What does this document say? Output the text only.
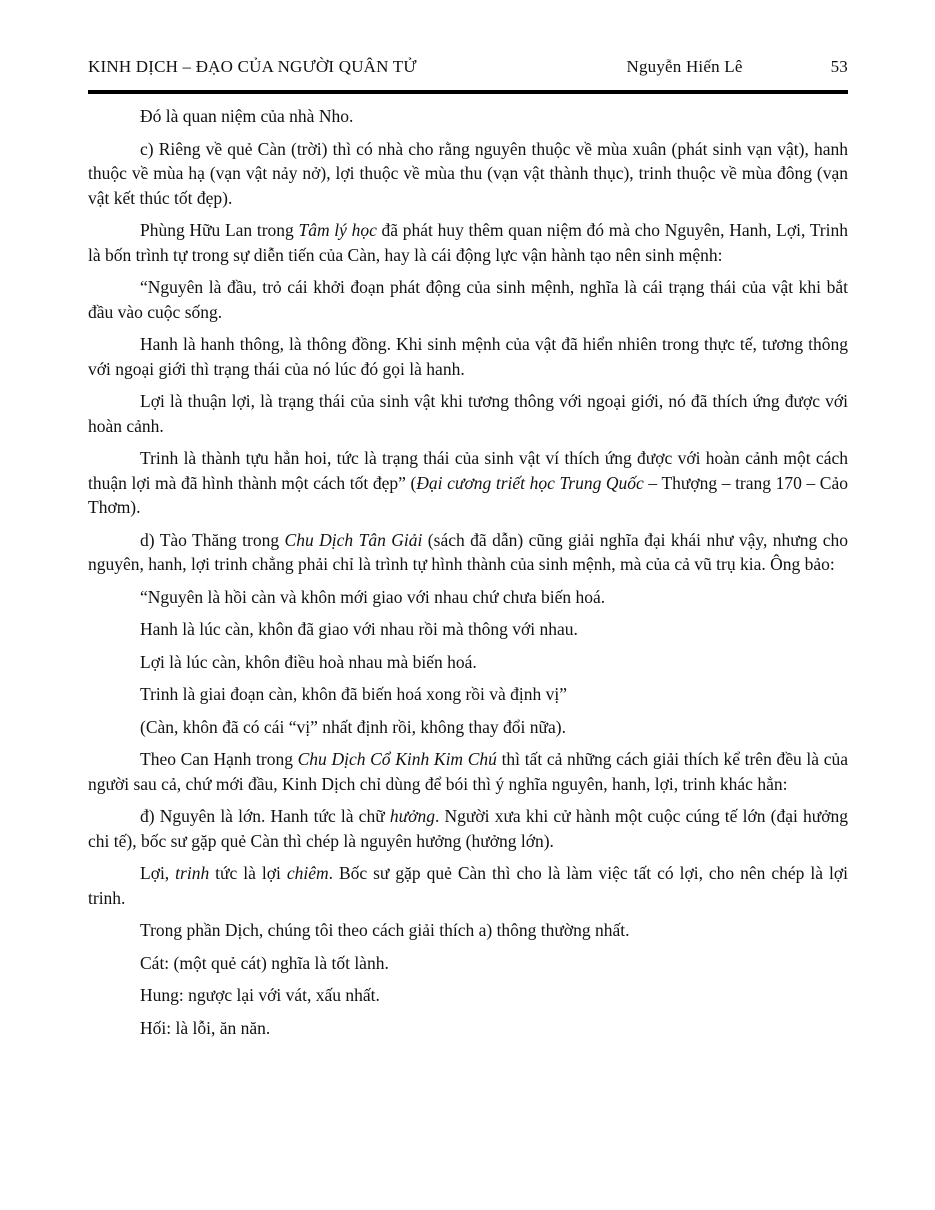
KINH DỊCH – ĐẠO CỦA NGƯỜI QUÂN TỬ	Nguyễn Hiến Lê	53

Đó là quan niệm của nhà Nho.

c) Riêng về quẻ Càn (trời) thì có nhà cho rằng nguyên thuộc về mùa xuân (phát sinh vạn vật), hanh thuộc về mùa hạ (vạn vật nảy nở), lợi thuộc về mùa thu (vạn vật thành thục), trinh thuộc về mùa đông (vạn vật kết thúc tốt đẹp).

Phùng Hữu Lan trong Tâm lý học đã phát huy thêm quan niệm đó mà cho Nguyên, Hanh, Lợi, Trinh là bốn trình tự trong sự diễn tiến của Càn, hay là cái động lực vận hành tạo nên sinh mệnh:

“Nguyên là đầu, trỏ cái khởi đoạn phát động của sinh mệnh, nghĩa là cái trạng thái của vật khi bắt đầu vào cuộc sống.

Hanh là hanh thông, là thông đồng. Khi sinh mệnh của vật đã hiển nhiên trong thực tế, tương thông với ngoại giới thì trạng thái của nó lúc đó gọi là hanh.

Lợi là thuận lợi, là trạng thái của sinh vật khi tương thông với ngoại giới, nó đã thích ứng được với hoàn cảnh.

Trinh là thành tựu hẳn hoi, tức là trạng thái của sinh vật ví thích ứng được với hoàn cảnh một cách thuận lợi mà đã hình thành một cách tốt đẹp” (Đại cương triết học Trung Quốc – Thượng – trang 170 – Cảo Thơm).

d) Tào Thăng trong Chu Dịch Tân Giải (sách đã dẫn) cũng giải nghĩa đại khái như vậy, nhưng cho nguyên, hanh, lợi trinh chẳng phải chỉ là trình tự hình thành của sinh mệnh, mà của cả vũ trụ kia. Ông bảo:

“Nguyên là hồi càn và khôn mới giao với nhau chứ chưa biến hoá.

Hanh là lúc càn, khôn đã giao với nhau rồi mà thông với nhau.

Lợi là lúc càn, khôn điều hoà nhau mà biến hoá.

Trinh là giai đoạn càn, khôn đã biến hoá xong rồi và định vị”

(Càn, khôn đã có cái “vị” nhất định rồi, không thay đổi nữa).

Theo Can Hạnh trong Chu Dịch Cổ Kinh Kim Chú thì tất cả những cách giải thích kể trên đều là của người sau cả, chứ mới đầu, Kinh Dịch chỉ dùng để bói thì ý nghĩa nguyên, hanh, lợi, trinh khác hẳn:

đ) Nguyên là lớn. Hanh tức là chữ hưởng. Người xưa khi cử hành một cuộc cúng tế lớn (đại hưởng chi tế), bốc sư gặp quẻ Càn thì chép là nguyên hưởng (hưởng lớn).

Lợi, trinh tức là lợi chiêm. Bốc sư gặp quẻ Càn thì cho là làm việc tất có lợi, cho nên chép là lợi trinh.

Trong phần Dịch, chúng tôi theo cách giải thích a) thông thường nhất.

Cát: (một quẻ cát) nghĩa là tốt lành.

Hung: ngược lại với vát, xấu nhất.

Hối: là lỗi, ăn năn.
